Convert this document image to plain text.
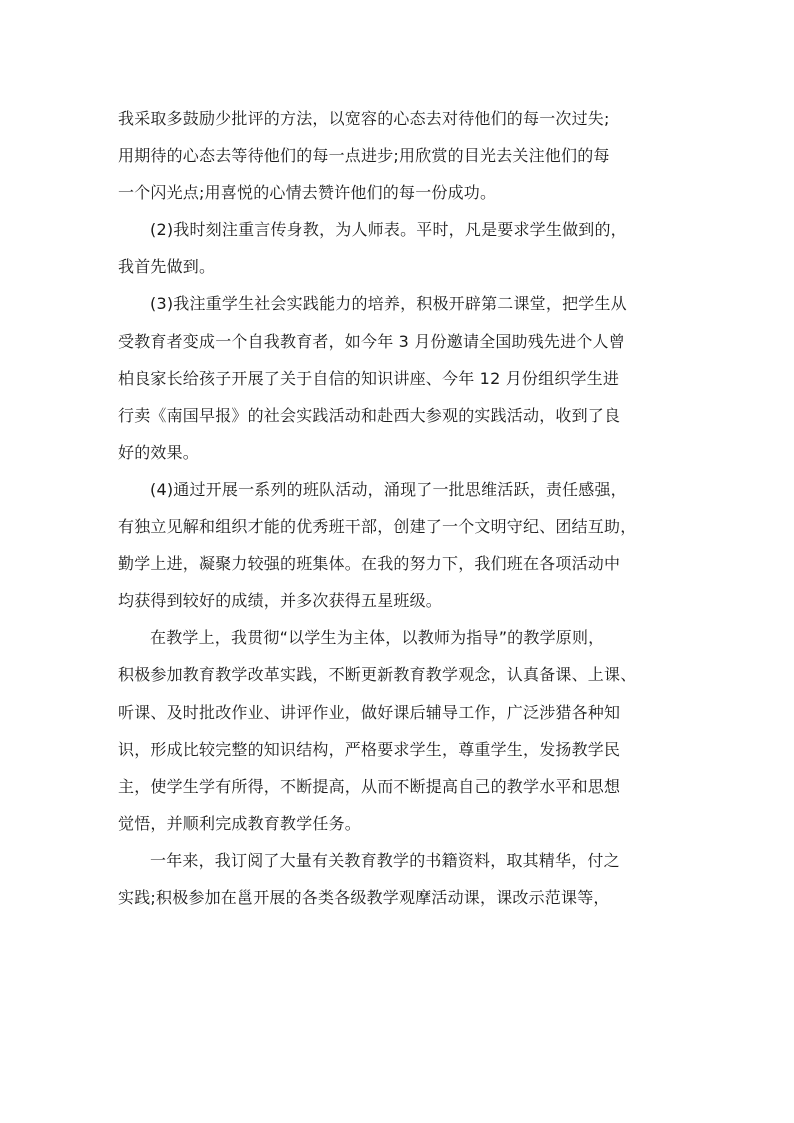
我采取多鼓励少批评的方法，以宽容的心态去对待他们的每一次过失;
用期待的心态去等待他们的每一点进步;用欣赏的目光去关注他们的每
一个闪光点;用喜悦的心情去赞许他们的每一份成功。
(2)我时刻注重言传身教，为人师表。平时，凡是要求学生做到的，
我首先做到。
(3)我注重学生社会实践能力的培养，积极开辟第二课堂，把学生从
受教育者变成一个自我教育者，如今年 3 月份邀请全国助残先进个人曾
柏良家长给孩子开展了关于自信的知识讲座、今年 12 月份组织学生进
行卖《南国早报》的社会实践活动和赴西大参观的实践活动，收到了良
好的效果。
(4)通过开展一系列的班队活动，涌现了一批思维活跃，责任感强，
有独立见解和组织才能的优秀班干部，创建了一个文明守纪、团结互助，
勤学上进，凝聚力较强的班集体。在我的努力下，我们班在各项活动中
均获得到较好的成绩，并多次获得五星班级。
在教学上，我贯彻“以学生为主体，以教师为指导”的教学原则，
积极参加教育教学改革实践，不断更新教育教学观念，认真备课、上课、
听课、及时批改作业、讲评作业，做好课后辅导工作，广泛涉猎各种知
识，形成比较完整的知识结构，严格要求学生，尊重学生，发扬教学民
主，使学生学有所得，不断提高，从而不断提高自己的教学水平和思想
觉悟，并顺利完成教育教学任务。
一年来，我订阅了大量有关教育教学的书籍资料，取其精华，付之
实践;积极参加在邕开展的各类各级教学观摩活动课，课改示范课等，
